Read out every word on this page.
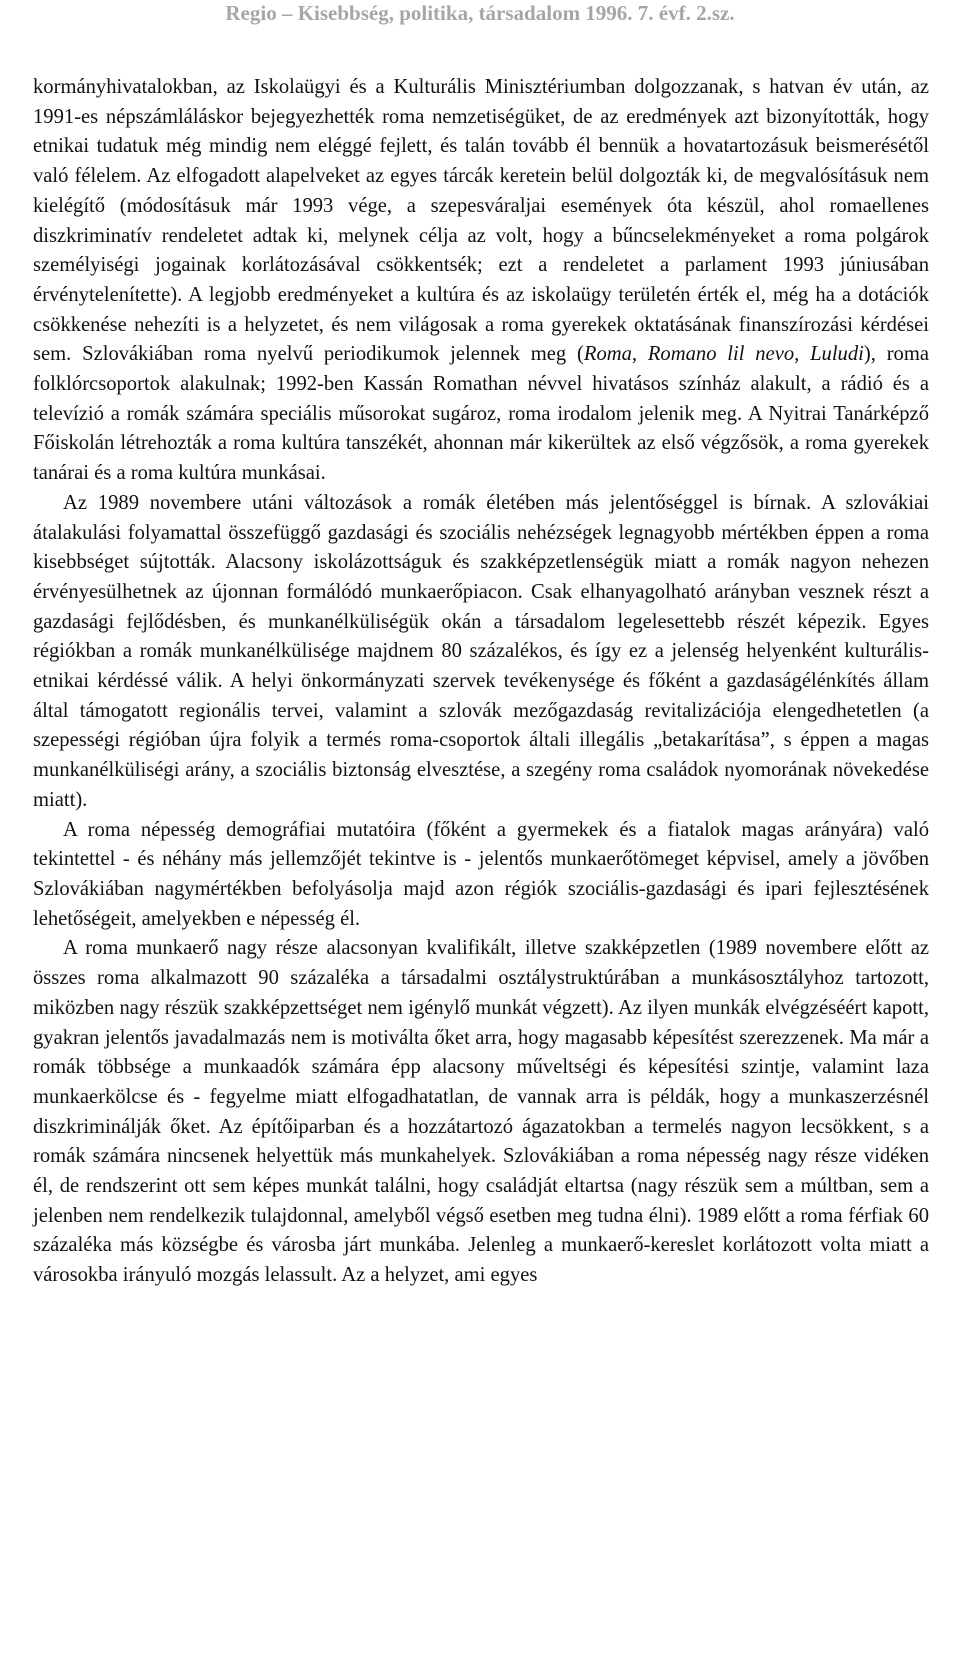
Regio – Kisebbség, politika, társadalom 1996. 7. évf. 2.sz.

kormányhivatalokban, az Iskolaügyi és a Kulturális Minisztériumban dolgozzanak, s hatvan év után, az 1991-es népszámláláskor bejegyezhették roma nemzetiségüket, de az eredmények azt bizonyították, hogy etnikai tudatuk még mindig nem eléggé fejlett, és talán tovább él bennük a hovatartozásuk beismerésétől való félelem. Az elfogadott alapelveket az egyes tárcák keretein belül dolgozták ki, de megvalósításuk nem kielégítő (módosításuk már 1993 vége, a szepesváraljai események óta készül, ahol romaellenes diszkriminatív rendeletet adtak ki, melynek célja az volt, hogy a bűncselekményeket a roma polgárok személyiségi jogainak korlátozásával csökkentsék; ezt a rendeletet a parlament 1993 júniusában érvénytelenítette). A legjobb eredményeket a kultúra és az iskolaügy területén érték el, még ha a dotációk csökkenése nehezíti is a helyzetet, és nem világosak a roma gyerekek oktatásának finanszírozási kérdései sem. Szlovákiában roma nyelvű periodikumok jelennek meg (Roma, Romano lil nevo, Luludi), roma folklórcsoportok alakulnak; 1992-ben Kassán Romathan névvel hivatásos színház alakult, a rádió és a televízió a romák számára speciális műsorokat sugároz, roma irodalom jelenik meg. A Nyitrai Tanárképző Főiskolán létrehozták a roma kultúra tanszékét, ahonnan már kikerültek az első végzősök, a roma gyerekek tanárai és a roma kultúra munkásai.

Az 1989 novembere utáni változások a romák életében más jelentőséggel is bírnak. A szlovákiai átalakulási folyamattal összefüggő gazdasági és szociális nehézségek legnagyobb mértékben éppen a roma kisebbséget sújtották. Alacsony iskolázottságuk és szakképzetlenségük miatt a romák nagyon nehezen érvényesülhetnek az újonnan formálódó munkaerőpiacon. Csak elhanyagolható arányban vesznek részt a gazdasági fejlődésben, és munkanélküliségük okán a társadalom legelesettebb részét képezik. Egyes régiókban a romák munkanélkülisége majdnem 80 százalékos, és így ez a jelenség helyenként kulturális-etnikai kérdéssé válik. A helyi önkormányzati szervek tevékenysége és főként a gazdaságélénkítés állam által támogatott regionális tervei, valamint a szlovák mezőgazdaság revitalizációja elengedhetetlen (a szepességi régióban újra folyik a termés roma-csoportok általi illegális „betakarítása”, s éppen a magas munkanélküliségi arány, a szociális biztonság elvesztése, a szegény roma családok nyomorának növekedése miatt).

A roma népesség demográfiai mutatóira (főként a gyermekek és a fiatalok magas arányára) való tekintettel - és néhány más jellemzőjét tekintve is - jelentős munkaerőtömeget képvisel, amely a jövőben Szlovákiában nagymértékben befolyásolja majd azon régiók szociális-gazdasági és ipari fejlesztésének lehetőségeit, amelyekben e népesség él.

A roma munkaerő nagy része alacsonyan kvalifikált, illetve szakképzetlen (1989 novembere előtt az összes roma alkalmazott 90 százaléka a társadalmi osztálystruktúrában a munkásosztályhoz tartozott, miközben nagy részük szakképzettséget nem igénylő munkát végzett). Az ilyen munkák elvégzéséért kapott, gyakran jelentős javadalmazás nem is motiválta őket arra, hogy magasabb képesítést szerezzenek. Ma már a romák többsége a munkaadók számára épp alacsony műveltségi és képesítési szintje, valamint laza munkaerkölcse és - fegyelme miatt elfogadhatatlan, de vannak arra is példák, hogy a munkaszerzésnél diszkriminálják őket. Az építőiparban és a hozzátartozó ágazatokban a termelés nagyon lecsökkent, s a romák számára nincsenek helyettük más munkahelyek. Szlovákiában a roma népesség nagy része vidéken él, de rendszerint ott sem képes munkát találni, hogy családját eltartsa (nagy részük sem a múltban, sem a jelenben nem rendelkezik tulajdonnal, amelyből végső esetben meg tudna élni). 1989 előtt a roma férfiak 60 százaléka más községbe és városba járt munkába. Jelenleg a munkaerő-kereslet korlátozott volta miatt a városokba irányuló mozgás lelassult. Az a helyzet, ami egyes
